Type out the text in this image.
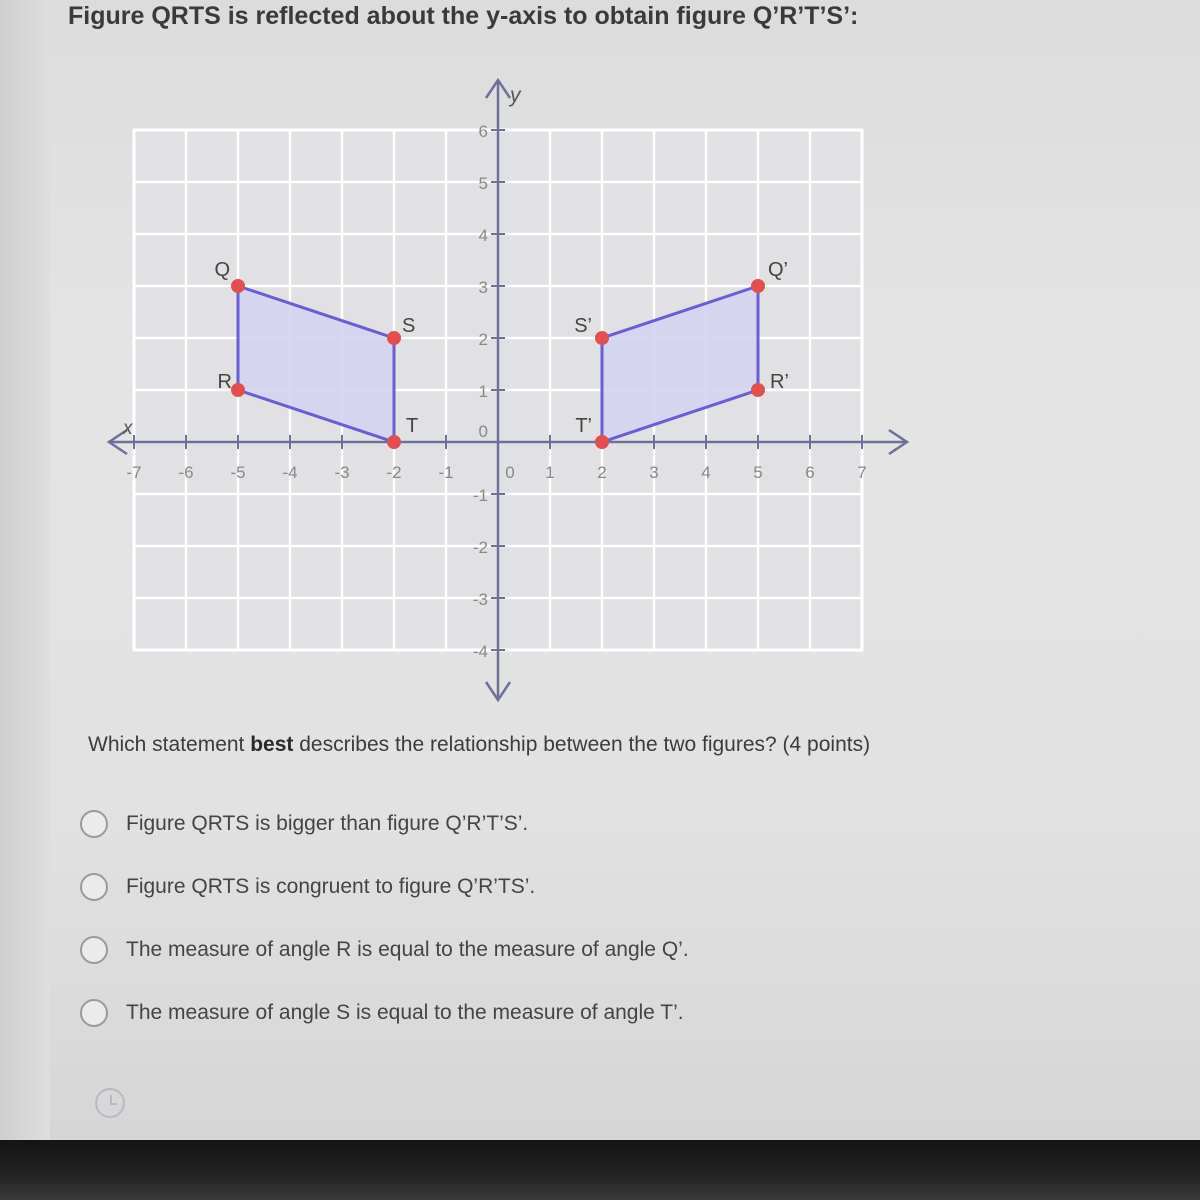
Figure QRTS is reflected about the y-axis to obtain figure Q’R’T’S’:
x
y
-7 -6 -5 -4 -3 -2 -1	0 1	2	3	4	5	6	7
6
5
4
3
2
1
0
-1
-2
-3
-4
Q
S
T
R
Q’
S’
T’
R’

Which statement best describes the relationship between the two figures? (4 points)

Figure QRTS is bigger than figure Q’R’T’S’.
Figure QRTS is congruent to figure Q’R’TS’.
The measure of angle R is equal to the measure of angle Q’.
The measure of angle S is equal to the measure of angle T’.
